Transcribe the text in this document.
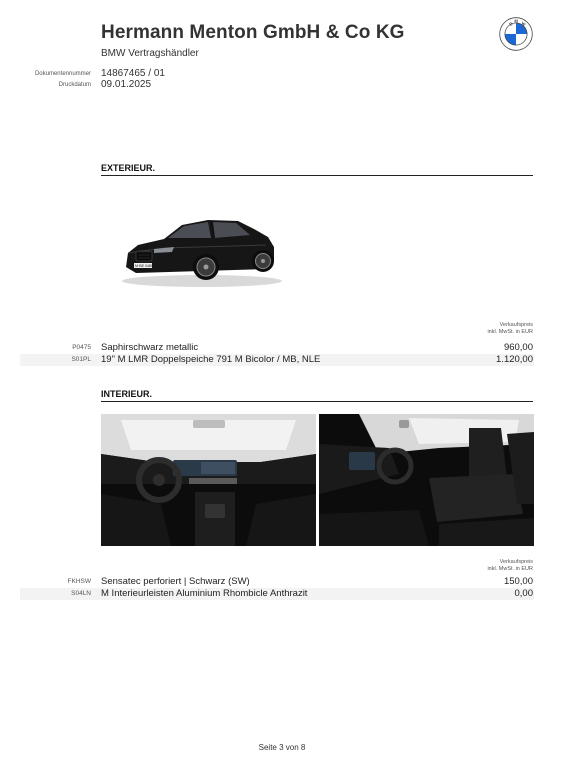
Hermann Menton GmbH & Co KG
BMW Vertragshändler
B
M W
Dokumentennummer 14867465 / 01
Druckdatum 09.01.2025
EXTERIEUR.
M·BE 0480
Verkaufspreis
inkl. MwSt. in EUR
P0475 Saphirschwarz metallic	960,00
S01PL 19" M LMR Doppelspeiche 791 M Bicolor / MB, NLE	1.120,00
INTERIEUR.
Verkaufspreis
inkl. MwSt. in EUR
FKHSW Sensatec perforiert | Schwarz (SW)	150,00
S04LN M Interieurleisten Aluminium Rhombicle Anthrazit	0,00
Seite 3 von 8
